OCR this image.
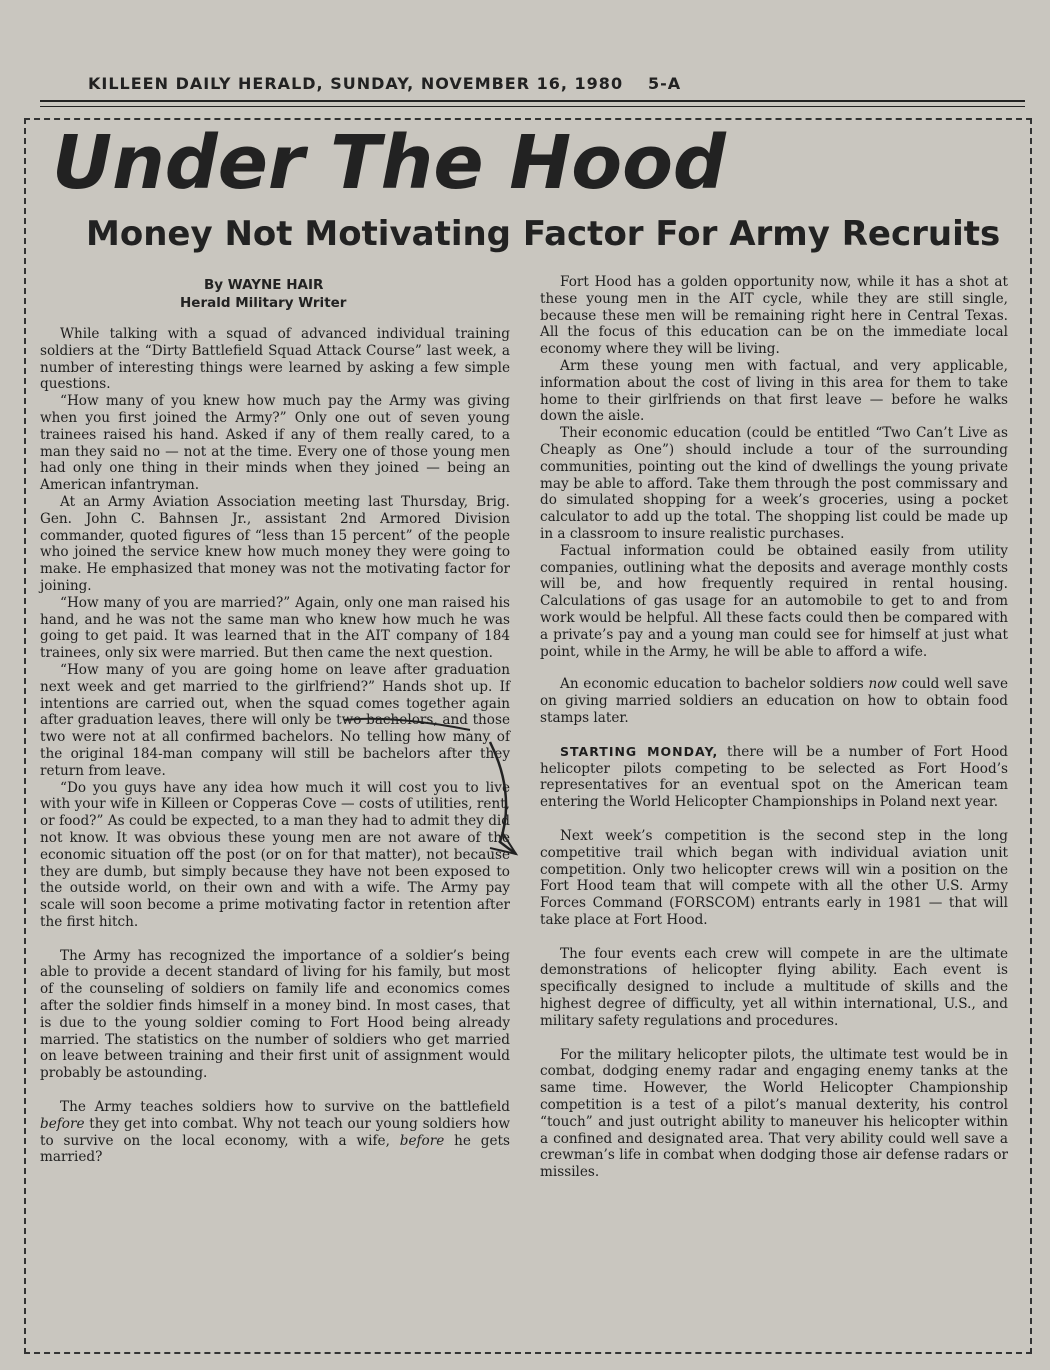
KILLEEN DAILY HERALD, SUNDAY, NOVEMBER 16, 1980 5-A
Under The Hood
Money Not Motivating Factor For Army Recruits
By WAYNE HAIR
Herald Military Writer

While talking with a squad of advanced individual training soldiers at the “Dirty Battlefield Squad Attack Course” last week, a number of interesting things were learned by asking a few simple questions.

“How many of you knew how much pay the Army was giving when you first joined the Army?” Only one out of seven young trainees raised his hand. Asked if any of them really cared, to a man they said no — not at the time. Every one of those young men had only one thing in their minds when they joined — being an American infantryman.

At an Army Aviation Association meeting last Thursday, Brig. Gen. John C. Bahnsen Jr., assistant 2nd Armored Division commander, quoted figures of “less than 15 percent” of the people who joined the service knew how much money they were going to make. He emphasized that money was not the motivating factor for joining.

“How many of you are married?” Again, only one man raised his hand, and he was not the same man who knew how much he was going to get paid. It was learned that in the AIT company of 184 trainees, only six were married. But then came the next question.

“How many of you are going home on leave after graduation next week and get married to the girlfriend?” Hands shot up. If intentions are carried out, when the squad comes together again after graduation leaves, there will only be two bachelors, and those two were not at all confirmed bachelors. No telling how many of the original 184-man company will still be bachelors after they return from leave.

“Do you guys have any idea how much it will cost you to live with your wife in Killeen or Copperas Cove — costs of utilities, rent, or food?” As could be expected, to a man they had to admit they did not know. It was obvious these young men are not aware of the economic situation off the post (or on for that matter), not because they are dumb, but simply because they have not been exposed to the outside world, on their own and with a wife. The Army pay scale will soon become a prime motivating factor in retention after the first hitch.

The Army has recognized the importance of a soldier’s being able to provide a decent standard of living for his family, but most of the counseling of soldiers on family life and economics comes after the soldier finds himself in a money bind. In most cases, that is due to the young soldier coming to Fort Hood being already married. The statistics on the number of soldiers who get married on leave between training and their first unit of assignment would probably be astounding.

The Army teaches soldiers how to survive on the battlefield before they get into combat. Why not teach our young soldiers how to survive on the local economy, with a wife, before he gets married?

Fort Hood has a golden opportunity now, while it has a shot at these young men in the AIT cycle, while they are still single, because these men will be remaining right here in Central Texas. All the focus of this education can be on the immediate local economy where they will be living.

Arm these young men with factual, and very applicable, information about the cost of living in this area for them to take home to their girlfriends on that first leave — before he walks down the aisle.

Their economic education (could be entitled “Two Can’t Live as Cheaply as One”) should include a tour of the surrounding communities, pointing out the kind of dwellings the young private may be able to afford. Take them through the post commissary and do simulated shopping for a week’s groceries, using a pocket calculator to add up the total. The shopping list could be made up in a classroom to insure realistic purchases.

Factual information could be obtained easily from utility companies, outlining what the deposits and average monthly costs will be, and how frequently required in rental housing. Calculations of gas usage for an automobile to get to and from work would be helpful. All these facts could then be compared with a private’s pay and a young man could see for himself at just what point, while in the Army, he will be able to afford a wife.

An economic education to bachelor soldiers now could well save on giving married soldiers an education on how to obtain food stamps later.

STARTING MONDAY, there will be a number of Fort Hood helicopter pilots competing to be selected as Fort Hood’s representatives for an eventual spot on the American team entering the World Helicopter Championships in Poland next year.

Next week’s competition is the second step in the long competitive trail which began with individual aviation unit competition. Only two helicopter crews will win a position on the Fort Hood team that will compete with all the other U.S. Army Forces Command (FORSCOM) entrants early in 1981 — that will take place at Fort Hood.

The four events each crew will compete in are the ultimate demonstrations of helicopter flying ability. Each event is specifically designed to include a multitude of skills and the highest degree of difficulty, yet all within international, U.S., and military safety regulations and procedures.

For the military helicopter pilots, the ultimate test would be in combat, dodging enemy radar and engaging enemy tanks at the same time. However, the World Helicopter Championship competition is a test of a pilot’s manual dexterity, his control “touch” and just outright ability to maneuver his helicopter within a confined and designated area. That very ability could well save a crewman’s life in combat when dodging those air defense radars or missiles.
